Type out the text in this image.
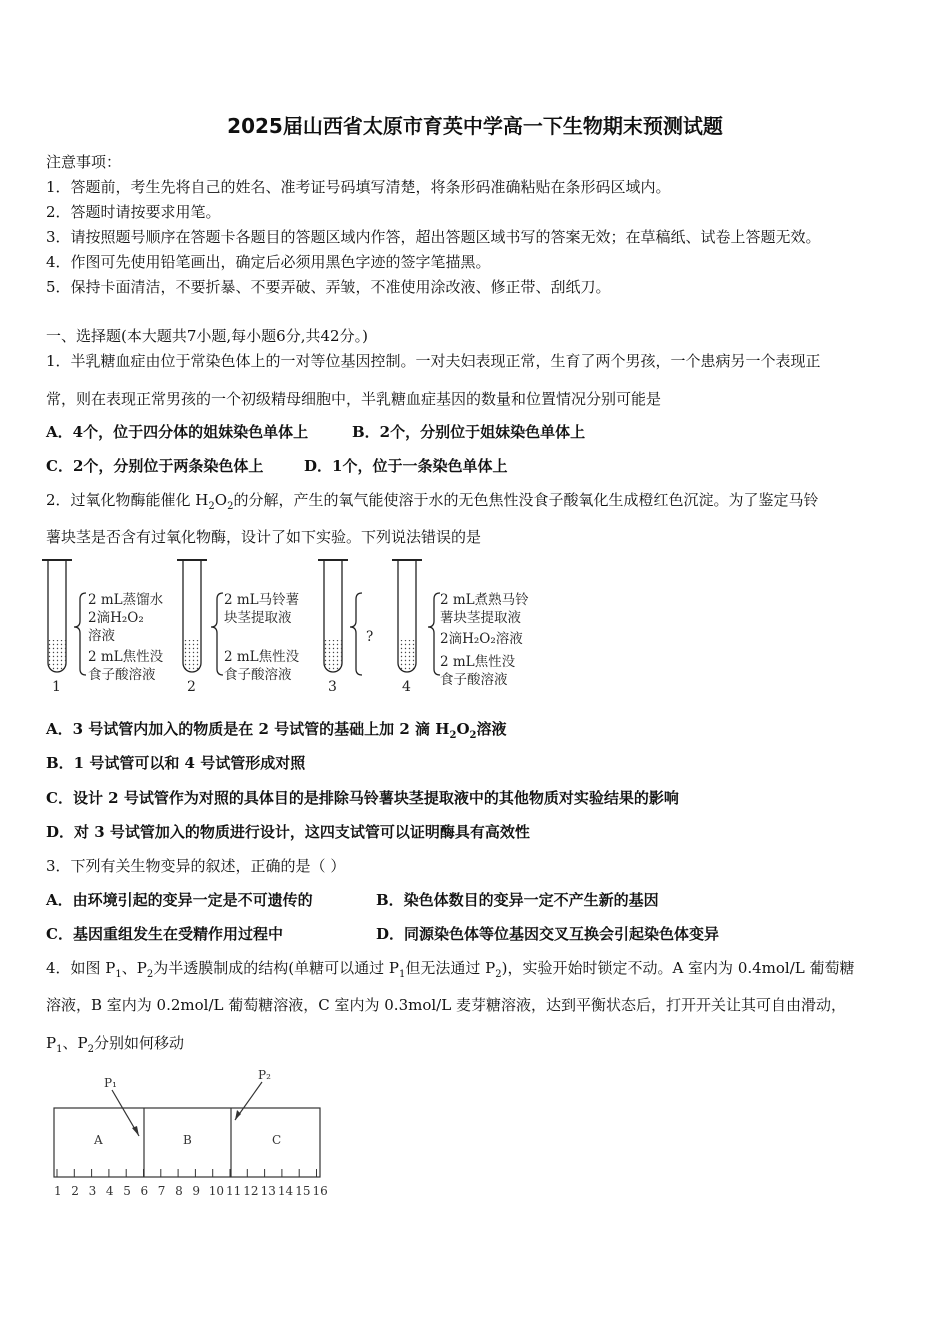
2025届山西省太原市育英中学高一下生物期末预测试题
注意事项：
1．答题前，考生先将自己的姓名、准考证号码填写清楚，将条形码准确粘贴在条形码区域内。
2．答题时请按要求用笔。
3．请按照题号顺序在答题卡各题目的答题区域内作答，超出答题区域书写的答案无效；在草稿纸、试卷上答题无效。
4．作图可先使用铅笔画出，确定后必须用黑色字迹的签字笔描黑。
5．保持卡面清洁，不要折暴、不要弄破、弄皱，不准使用涂改液、修正带、刮纸刀。
一、选择题(本大题共7小题,每小题6分,共42分。)
1．半乳糖血症由位于常染色体上的一对等位基因控制。一对夫妇表现正常，生育了两个男孩，一个患病另一个表现正
常，则在表现正常男孩的一个初级精母细胞中，半乳糖血症基因的数量和位置情况分别可能是
A．4个，位于四分体的姐妹染色单体上	B．2个，分别位于姐妹染色单体上
C．2个，分别位于两条染色体上	D．1个，位于一条染色单体上
2．过氧化物酶能催化 $H_2O_2$的分解，产生的氧气能使溶于水的无色焦性没食子酸氧化生成橙红色沉淀。为了鉴定马铃
薯块茎是否含有过氧化物酶，设计了如下实验。下列说法错误的是
1	2	3	4
2 mL蒸馏水
2滴H₂O₂
溶液
2 mL焦性没
食子酸溶液
2 mL马铃薯
块茎提取液
2 mL焦性没
食子酸溶液
?
2 mL煮熟马铃
薯块茎提取液
2滴H₂O₂溶液
2 mL焦性没
食子酸溶液
A．3 号试管内加入的物质是在 2 号试管的基础上加 2 滴 $H_2O_2$溶液
B．1 号试管可以和 4 号试管形成对照
C．设计 2 号试管作为对照的具体目的是排除马铃薯块茎提取液中的其他物质对实验结果的影响
D．对 3 号试管加入的物质进行设计，这四支试管可以证明酶具有高效性
3．下列有关生物变异的叙述，正确的是（ ）
A．由环境引起的变异一定是不可遗传的	B．染色体数目的变异一定不产生新的基因
C．基因重组发生在受精作用过程中	D．同源染色体等位基因交叉互换会引起染色体变异
4．如图 $P_1$、$P_2$为半透膜制成的结构(单糖可以通过 $P_1$但无法通过 $P_2$)，实验开始时锁定不动。A 室内为 0.4mol/L 葡萄糖
溶液，B 室内为 0.2mol/L 葡萄糖溶液，C 室内为 0.3mol/L 麦芽糖溶液，达到平衡状态后，打开开关让其可自由滑动，
$P_1$、$P_2$分别如何移动
P₁
P₂
A	B	C
1 2 3 4 5 6 7 8 9 10 11 12 13 14 15 16
